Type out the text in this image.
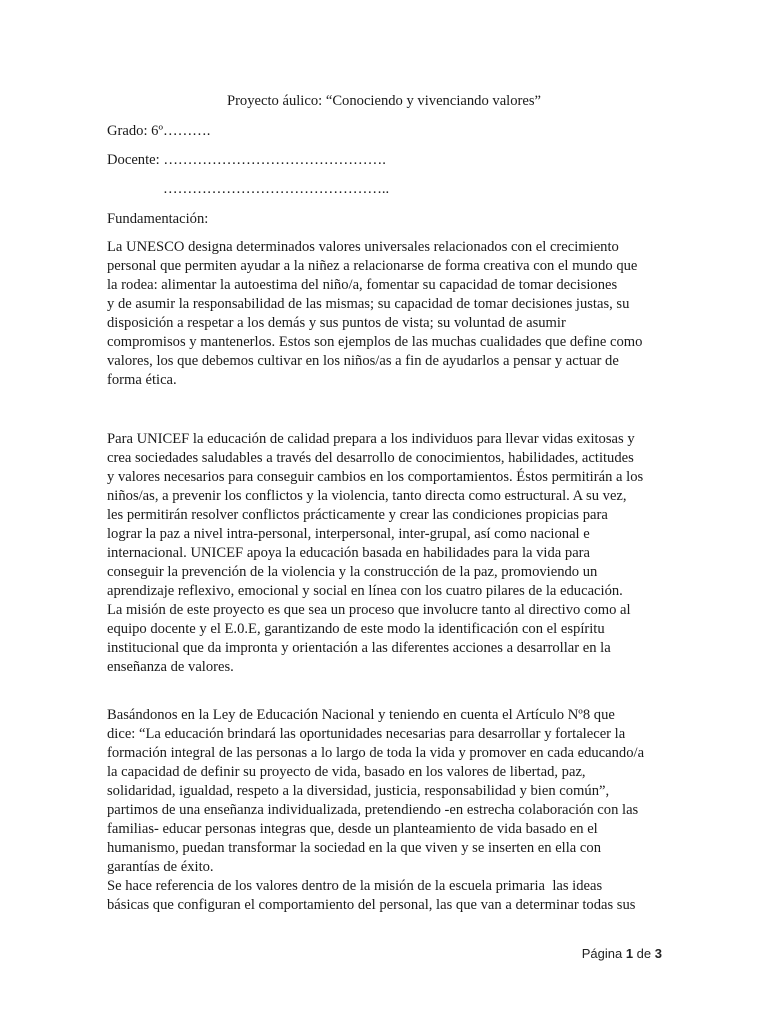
Proyecto áulico: “Conociendo y vivenciando valores”
Grado: 6º……….
Docente: ……………………………………….
………………………………………..
Fundamentación:
La UNESCO designa determinados valores universales relacionados con el crecimiento
personal que permiten ayudar a la niñez a relacionarse de forma creativa con el mundo que
la rodea: alimentar la autoestima del niño/a, fomentar su capacidad de tomar decisiones
y de asumir la responsabilidad de las mismas; su capacidad de tomar decisiones justas, su
disposición a respetar a los demás y sus puntos de vista; su voluntad de asumir
compromisos y mantenerlos. Estos son ejemplos de las muchas cualidades que define como
valores, los que debemos cultivar en los niños/as a fin de ayudarlos a pensar y actuar de
forma ética.
Para UNICEF la educación de calidad prepara a los individuos para llevar vidas exitosas y
crea sociedades saludables a través del desarrollo de conocimientos, habilidades, actitudes
y valores necesarios para conseguir cambios en los comportamientos. Éstos permitirán a los
niños/as, a prevenir los conflictos y la violencia, tanto directa como estructural. A su vez,
les permitirán resolver conflictos prácticamente y crear las condiciones propicias para
lograr la paz a nivel intra-personal, interpersonal, inter-grupal, así como nacional e
internacional. UNICEF apoya la educación basada en habilidades para la vida para
conseguir la prevención de la violencia y la construcción de la paz, promoviendo un
aprendizaje reflexivo, emocional y social en línea con los cuatro pilares de la educación.
La misión de este proyecto es que sea un proceso que involucre tanto al directivo como al
equipo docente y el E.0.E, garantizando de este modo la identificación con el espíritu
institucional que da impronta y orientación a las diferentes acciones a desarrollar en la
enseñanza de valores.
Basándonos en la Ley de Educación Nacional y teniendo en cuenta el Artículo Nº8 que
dice: “La educación brindará las oportunidades necesarias para desarrollar y fortalecer la
formación integral de las personas a lo largo de toda la vida y promover en cada educando/a
la capacidad de definir su proyecto de vida, basado en los valores de libertad, paz,
solidaridad, igualdad, respeto a la diversidad, justicia, responsabilidad y bien común”,
partimos de una enseñanza individualizada, pretendiendo -en estrecha colaboración con las
familias- educar personas integras que, desde un planteamiento de vida basado en el
humanismo, puedan transformar la sociedad en la que viven y se inserten en ella con
garantías de éxito.
Se hace referencia de los valores dentro de la misión de la escuela primaria  las ideas
básicas que configuran el comportamiento del personal, las que van a determinar todas sus
Página 1 de 3
